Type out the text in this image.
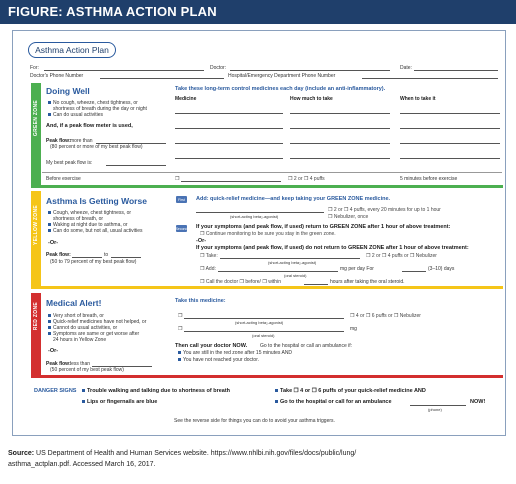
FIGURE: ASTHMA ACTION PLAN
Asthma Action Plan
For:	Doctor:	Date:
Doctor's Phone Number	Hospital/Emergency Department Phone Number
GREEN ZONE
Doing Well
No cough, wheeze, chest tightness, or
shortness of breath during the day or night
Can do usual activities
And, if a peak flow meter is used,
Peak flow: more than
(80 percent or more of my best peak flow)
My best peak flow is:
Before exercise	❒	❒ 2 or ❒ 4 puffs	5 minutes before exercise
Take these long-term control medicines each day (include an anti-inflammatory).
Medicine	How much to take	When to take it
YELLOW ZONE
Asthma Is Getting Worse
Cough, wheeze, chest tightness, or
shortness of breath, or
Waking at night due to asthma, or
Can do some, but not all, usual activities
-Or-
Peak flow:	to
(50 to 79 percent of my best peak flow)
First	Add: quick-relief medicine—and keep taking your GREEN ZONE medicine.
(short-acting beta₂-agonist)
❒ 2 or ❒ 4 puffs, every 20 minutes for up to 1 hour
❒ Nebulizer, once
Second If your symptoms (and peak flow, if used) return to GREEN ZONE after 1 hour of above treatment:
❒ Continue monitoring to be sure you stay in the green zone.
-Or-
If your symptoms (and peak flow, if used) do not return to GREEN ZONE after 1 hour of above treatment:
❒ Take:
(short-acting beta₂-agonist)
❒ 2 or ❒ 4 puffs or ❒ Nebulizer
❒ Add:	mg per day For	(3–10) days
(oral steroid)
❒ Call the doctor ❒ before/ ❒ within	hours after taking the oral steroid.
RED ZONE Medical Alert!
Very short of breath, or
Quick-relief medicines have not helped, or
Cannot do usual activities, or
Symptoms are same or get worse after
24 hours in Yellow Zone
-Or-
Peak flow: less than
(50 percent of my best peak flow)
Take this medicine:
❒	❒ 4 or ❒ 6 puffs or ❒ Nebulizer
(short-acting beta₂-agonist)
❒	mg
(oral steroid)
Then call your doctor NOW.	Go to the hospital or call an ambulance if:
You are still in the red zone after 15 minutes AND
You have not reached your doctor.
DANGER SIGNS	Trouble walking and talking due to shortness of breath
Lips or fingernails are blue
Take ❒ 4 or ❒ 6 puffs of your quick-relief medicine AND
Go to the hospital or call for an ambulance	NOW!
(phone)
See the reverse side for things you can do to avoid your asthma triggers.
Source: US Department of Health and Human Services website. https://www.nhlbi.nih.gov/files/docs/public/lung/
asthma_actplan.pdf. Accessed March 16, 2017.
